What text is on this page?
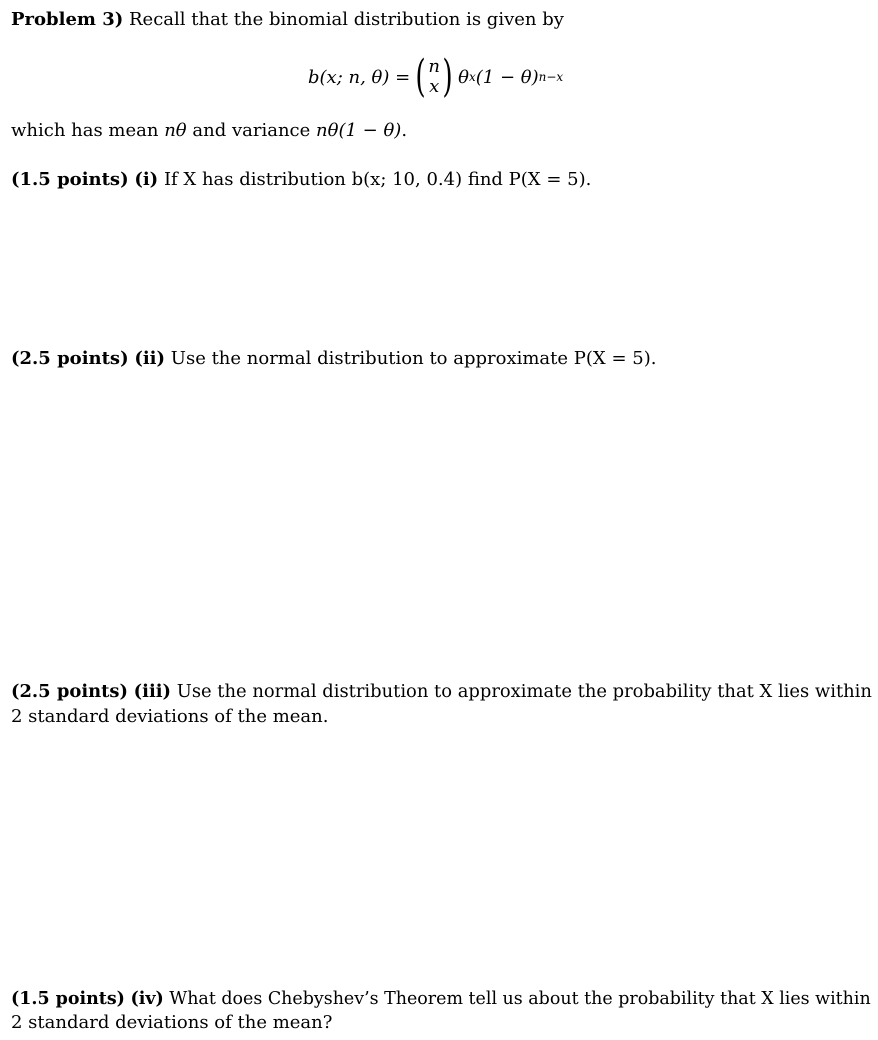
Problem 3) Recall that the binomial distribution is given by
b(x; n, θ) = ( n
x ) θ x (1 − θ) n−x
which has mean nθ and variance nθ(1 − θ).
(1.5 points) (i) If X has distribution b(x; 10, 0.4) find P(X = 5).
(2.5 points) (ii) Use the normal distribution to approximate P(X = 5).
(2.5 points) (iii) Use the normal distribution to approximate the probability that X lies within
2 standard deviations of the mean.
(1.5 points) (iv) What does Chebyshev’s Theorem tell us about the probability that X lies within
2 standard deviations of the mean?
